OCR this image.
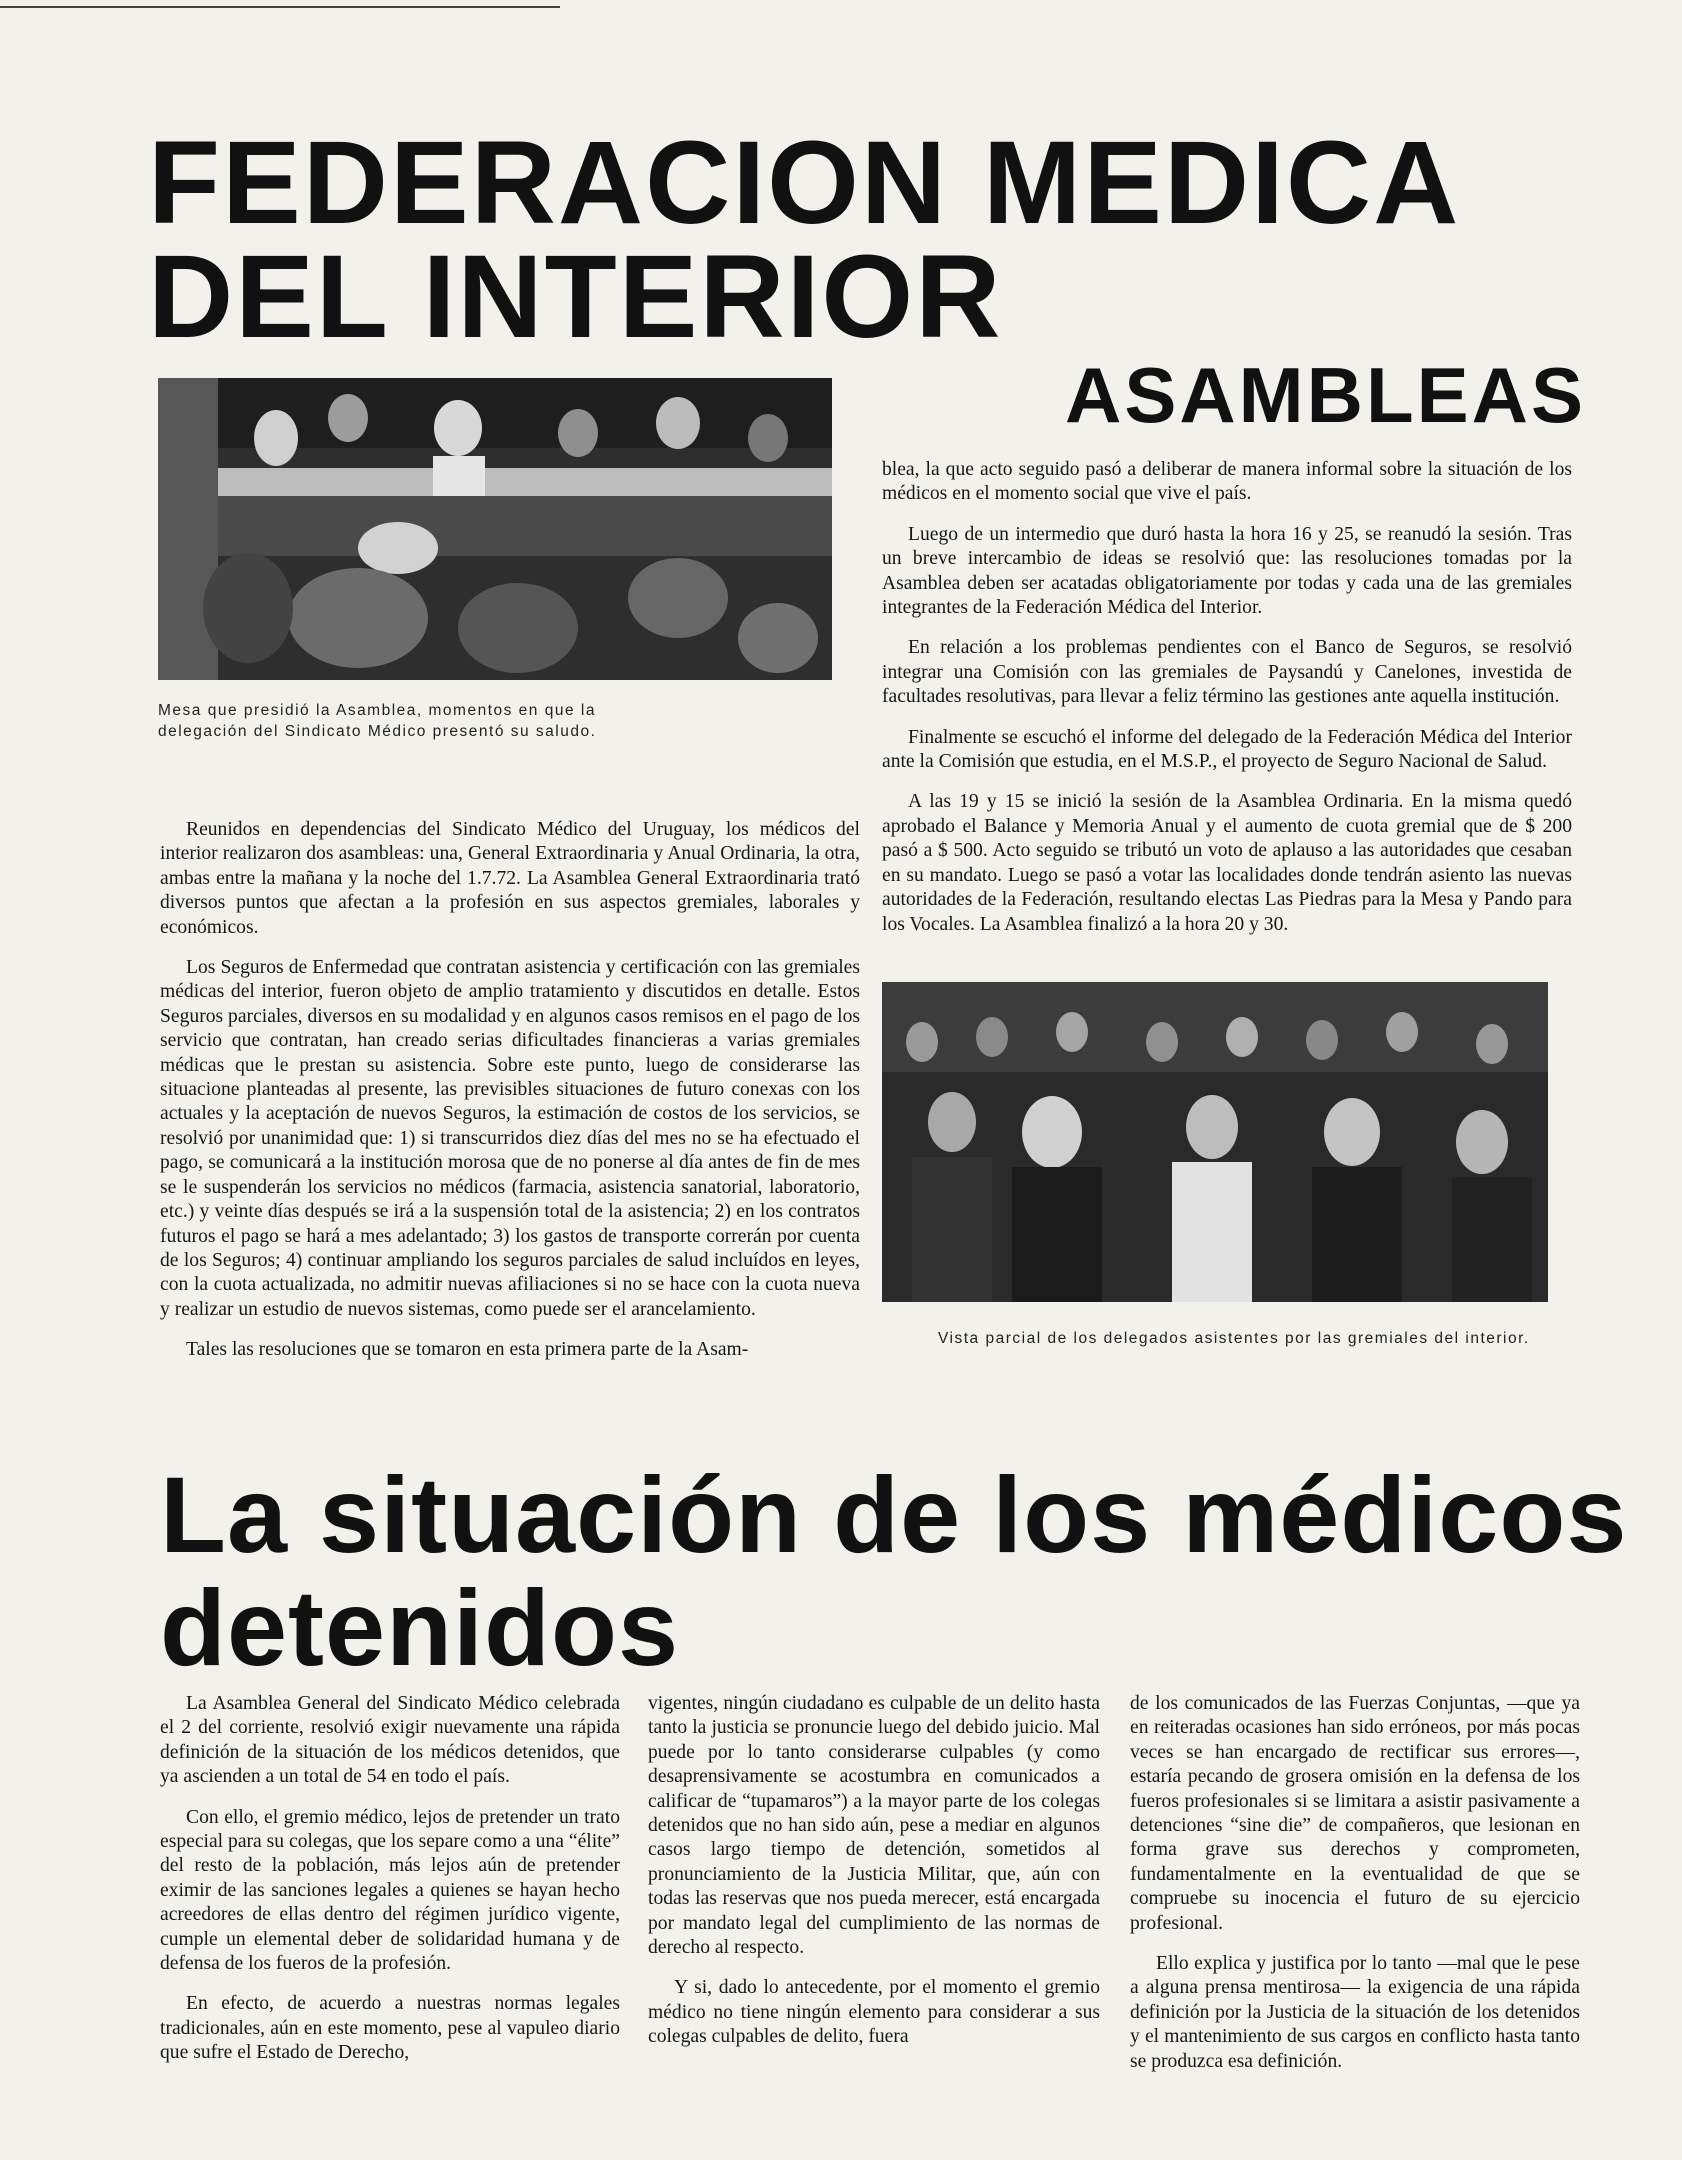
FEDERACION MEDICA
DEL INTERIOR
ASAMBLEAS
Mesa que presidió la Asamblea, momentos en que la delegación del Sindicato Médico presentó su saludo.

Reunidos en dependencias del Sindicato Médico del Uruguay, los médicos del interior realizaron dos asambleas: una, General Extraordinaria y Anual Ordinaria, la otra, ambas entre la mañana y la noche del 1.7.72. La Asamblea General Extraordinaria trató diversos puntos que afectan a la profesión en sus aspectos gremiales, laborales y económicos.

Los Seguros de Enfermedad que contratan asistencia y certificación con las gremiales médicas del interior, fueron objeto de amplio tratamiento y discutidos en detalle. Estos Seguros parciales, diversos en su modalidad y en algunos casos remisos en el pago de los servicio que contratan, han creado serias dificultades financieras a varias gremiales médicas que le prestan su asistencia. Sobre este punto, luego de considerarse las situacione planteadas al presente, las previsibles situaciones de futuro conexas con los actuales y la aceptación de nuevos Seguros, la estimación de costos de los servicios, se resolvió por unanimidad que: 1) si transcurridos diez días del mes no se ha efectuado el pago, se comunicará a la institución morosa que de no ponerse al día antes de fin de mes se le suspenderán los servicios no médicos (farmacia, asistencia sanatorial, laboratorio, etc.) y veinte días después se irá a la suspensión total de la asistencia; 2) en los contratos futuros el pago se hará a mes adelantado; 3) los gastos de transporte correrán por cuenta de los Seguros; 4) continuar ampliando los seguros parciales de salud incluídos en leyes, con la cuota actualizada, no admitir nuevas afiliaciones si no se hace con la cuota nueva y realizar un estudio de nuevos sistemas, como puede ser el arancelamiento.

Tales las resoluciones que se tomaron en esta primera parte de la Asam-

blea, la que acto seguido pasó a deliberar de manera informal sobre la situación de los médicos en el momento social que vive el país.

Luego de un intermedio que duró hasta la hora 16 y 25, se reanudó la sesión. Tras un breve intercambio de ideas se resolvió que: las resoluciones tomadas por la Asamblea deben ser acatadas obligatoriamente por todas y cada una de las gremiales integrantes de la Federación Médica del Interior.

En relación a los problemas pendientes con el Banco de Seguros, se resolvió integrar una Comisión con las gremiales de Paysandú y Canelones, investida de facultades resolutivas, para llevar a feliz término las gestiones ante aquella institución.

Finalmente se escuchó el informe del delegado de la Federación Médica del Interior ante la Comisión que estudia, en el M.S.P., el proyecto de Seguro Nacional de Salud.

A las 19 y 15 se inició la sesión de la Asamblea Ordinaria. En la misma quedó aprobado el Balance y Memoria Anual y el aumento de cuota gremial que de $ 200 pasó a $ 500. Acto seguido se tributó un voto de aplauso a las autoridades que cesaban en su mandato. Luego se pasó a votar las localidades donde tendrán asiento las nuevas autoridades de la Federación, resultando electas Las Piedras para la Mesa y Pando para los Vocales. La Asamblea finalizó a la hora 20 y 30.

Vista parcial de los delegados asistentes por las gremiales del interior.
La situación de los médicos
detenidos

La Asamblea General del Sindicato Médico celebrada el 2 del corriente, resolvió exigir nuevamente una rápida definición de la situación de los médicos detenidos, que ya ascienden a un total de 54 en todo el país.

Con ello, el gremio médico, lejos de pretender un trato especial para su colegas, que los separe como a una “élite” del resto de la población, más lejos aún de pretender eximir de las sanciones legales a quienes se hayan hecho acreedores de ellas dentro del régimen jurídico vigente, cumple un elemental deber de solidaridad humana y de defensa de los fueros de la profesión.

En efecto, de acuerdo a nuestras normas legales tradicionales, aún en este momento, pese al vapuleo diario que sufre el Estado de Derecho,

vigentes, ningún ciudadano es culpable de un delito hasta tanto la justicia se pronuncie luego del debido juicio. Mal puede por lo tanto considerarse culpables (y como desaprensivamente se acostumbra en comunicados a calificar de “tupamaros”) a la mayor parte de los colegas detenidos que no han sido aún, pese a mediar en algunos casos largo tiempo de detención, sometidos al pronunciamiento de la Justicia Militar, que, aún con todas las reservas que nos pueda merecer, está encargada por mandato legal del cumplimiento de las normas de derecho al respecto.

Y si, dado lo antecedente, por el momento el gremio médico no tiene ningún elemento para considerar a sus colegas culpables de delito, fuera

de los comunicados de las Fuerzas Conjuntas, —que ya en reiteradas ocasiones han sido erróneos, por más pocas veces se han encargado de rectificar sus errores—, estaría pecando de grosera omisión en la defensa de los fueros profesionales si se limitara a asistir pasivamente a detenciones “sine die” de compañeros, que lesionan en forma grave sus derechos y comprometen, fundamentalmente en la eventualidad de que se compruebe su inocencia el futuro de su ejercicio profesional.

Ello explica y justifica por lo tanto —mal que le pese a alguna prensa mentirosa— la exigencia de una rápida definición por la Justicia de la situación de los detenidos y el mantenimiento de sus cargos en conflicto hasta tanto se produzca esa definición.
